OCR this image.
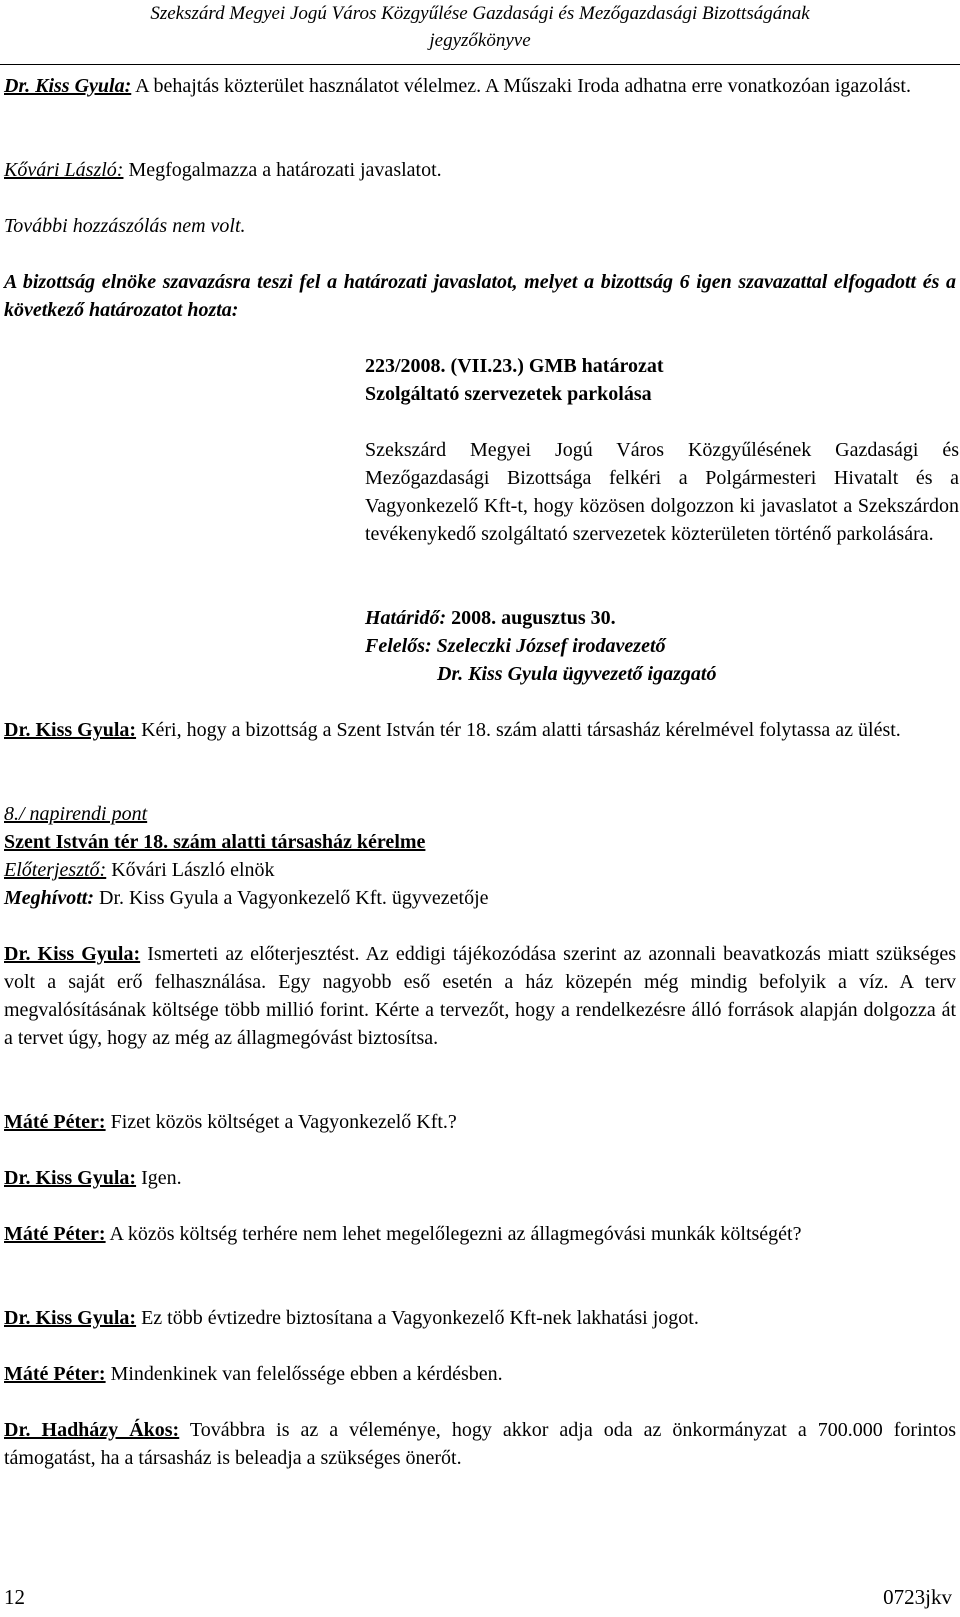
Szekszárd Megyei Jogú Város Közgyűlése Gazdasági és Mezőgazdasági Bizottságának
jegyzőkönyve
Dr. Kiss Gyula: A behajtás közterület használatot vélelmez. A Műszaki Iroda adhatna erre vonatkozóan igazolást.
Kővári László: Megfogalmazza a határozati javaslatot.
További hozzászólás nem volt.
A bizottság elnöke szavazásra teszi fel a határozati javaslatot, melyet a bizottság 6 igen szavazattal elfogadott és a következő határozatot hozta:
223/2008. (VII.23.) GMB határozat
Szolgáltató szervezetek parkolása
Szekszárd Megyei Jogú Város Közgyűlésének Gazdasági és Mezőgazdasági Bizottsága felkéri a Polgármesteri Hivatalt és a Vagyonkezelő Kft-t, hogy közösen dolgozzon ki javaslatot a Szekszárdon tevékenykedő szolgáltató szervezetek közterületen történő parkolására.
Határidő: 2008. augusztus 30.
Felelős: Szeleczki József irodavezető
Dr. Kiss Gyula ügyvezető igazgató
Dr. Kiss Gyula: Kéri, hogy a bizottság a Szent István tér 18. szám alatti társasház kérelmével folytassa az ülést.
8./ napirendi pont
Szent István tér 18. szám alatti társasház kérelme
Előterjesztő: Kővári László elnök
Meghívott: Dr. Kiss Gyula a Vagyonkezelő Kft. ügyvezetője
Dr. Kiss Gyula: Ismerteti az előterjesztést. Az eddigi tájékozódása szerint az azonnali beavatkozás miatt szükséges volt a saját erő felhasználása. Egy nagyobb eső esetén a ház közepén még mindig befolyik a víz. A terv megvalósításának költsége több millió forint. Kérte a tervezőt, hogy a rendelkezésre álló források alapján dolgozza át a tervet úgy, hogy az még az állagmegóvást biztosítsa.
Máté Péter: Fizet közös költséget a Vagyonkezelő Kft.?
Dr. Kiss Gyula: Igen.
Máté Péter: A közös költség terhére nem lehet megelőlegezni az állagmegóvási munkák költségét?
Dr. Kiss Gyula: Ez több évtizedre biztosítana a Vagyonkezelő Kft-nek lakhatási jogot.
Máté Péter: Mindenkinek van felelőssége ebben a kérdésben.
Dr. Hadházy Ákos: Továbbra is az a véleménye, hogy akkor adja oda az önkormányzat a 700.000 forintos támogatást, ha a társasház is beleadja a szükséges önerőt.
12	0723jkv
